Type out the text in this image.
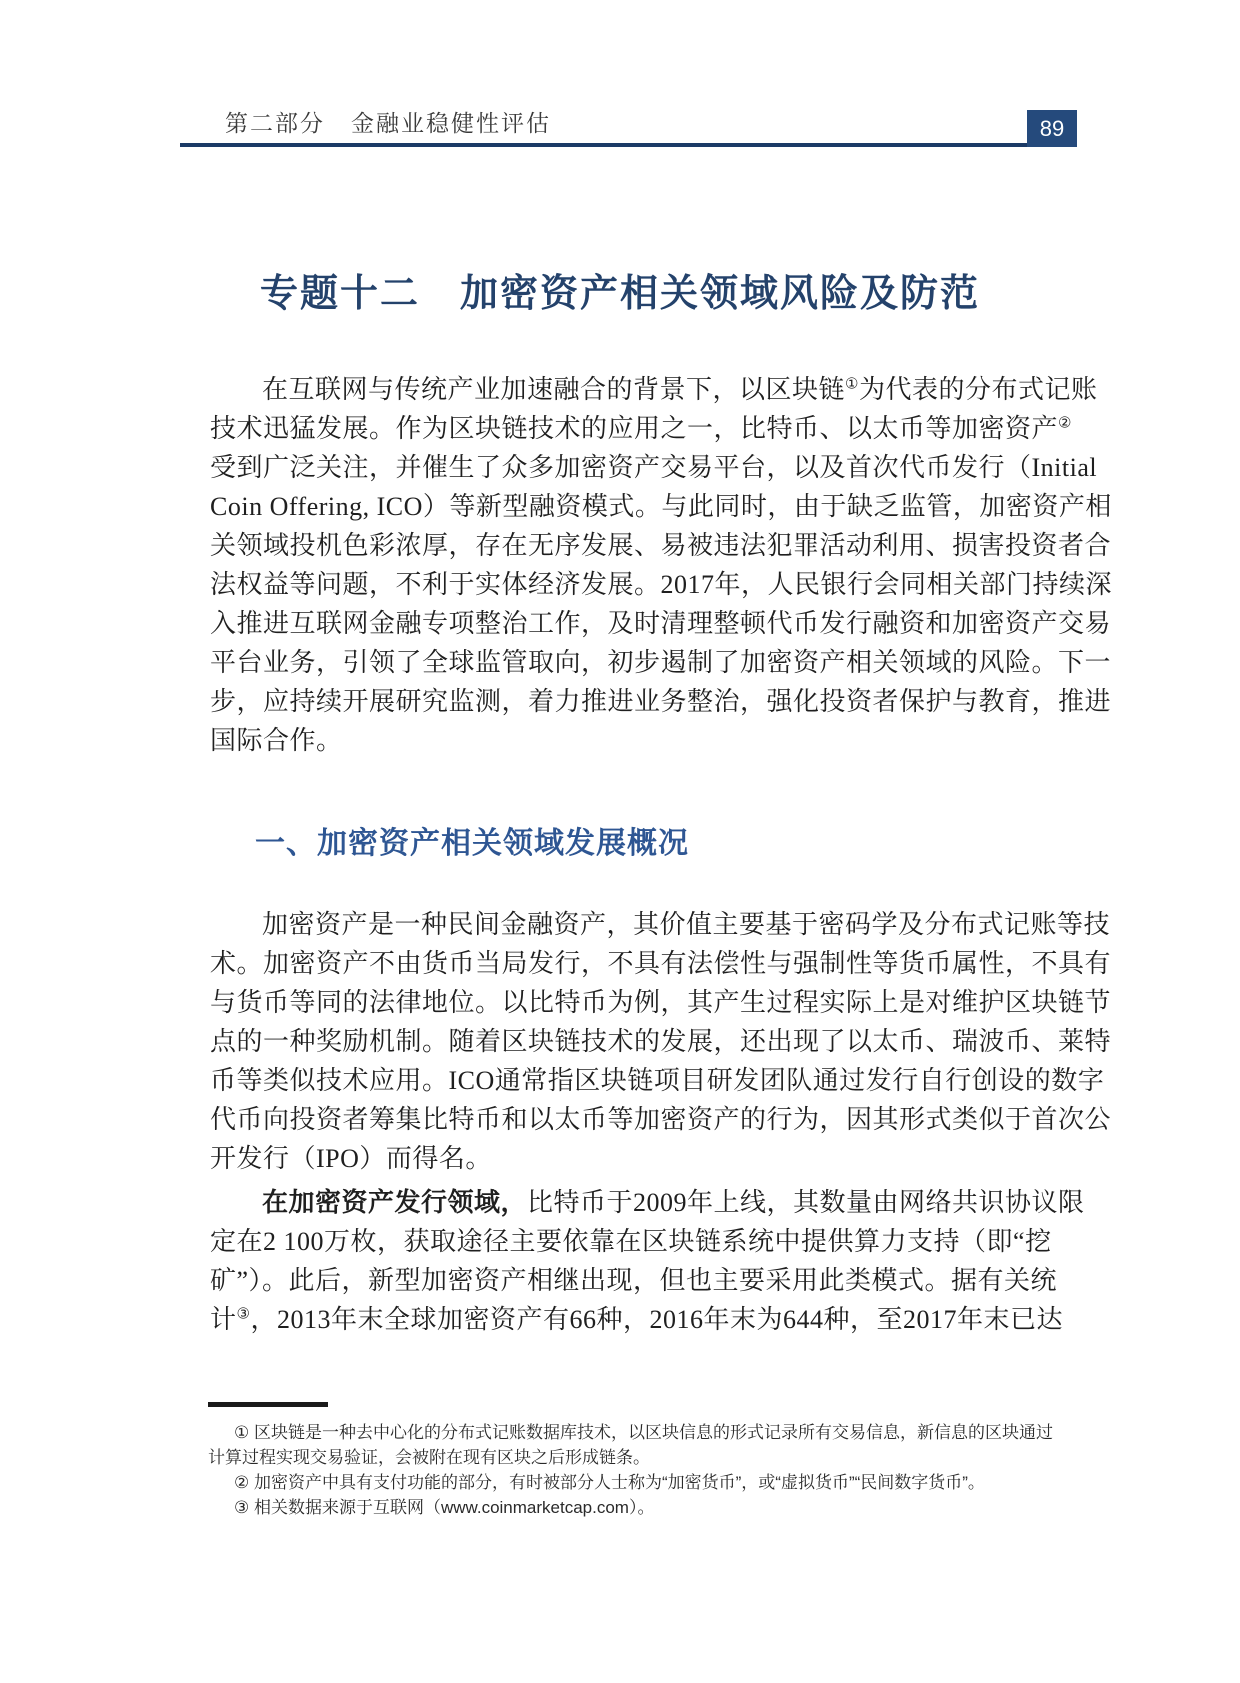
第二部分 金融业稳健性评估	89
专题十二　加密资产相关领域风险及防范
在互联网与传统产业加速融合的背景下，以区块链①为代表的分布式记账
技术迅猛发展。作为区块链技术的应用之一，比特币、以太币等加密资产②
受到广泛关注，并催生了众多加密资产交易平台，以及首次代币发行（Initial
Coin Offering, ICO）等新型融资模式。与此同时，由于缺乏监管，加密资产相
关领域投机色彩浓厚，存在无序发展、易被违法犯罪活动利用、损害投资者合
法权益等问题，不利于实体经济发展。2017年，人民银行会同相关部门持续深
入推进互联网金融专项整治工作，及时清理整顿代币发行融资和加密资产交易
平台业务，引领了全球监管取向，初步遏制了加密资产相关领域的风险。下一
步，应持续开展研究监测，着力推进业务整治，强化投资者保护与教育，推进
国际合作。
一、加密资产相关领域发展概况
加密资产是一种民间金融资产，其价值主要基于密码学及分布式记账等技
术。加密资产不由货币当局发行，不具有法偿性与强制性等货币属性，不具有
与货币等同的法律地位。以比特币为例，其产生过程实际上是对维护区块链节
点的一种奖励机制。随着区块链技术的发展，还出现了以太币、瑞波币、莱特
币等类似技术应用。ICO通常指区块链项目研发团队通过发行自行创设的数字
代币向投资者筹集比特币和以太币等加密资产的行为，因其形式类似于首次公
开发行（IPO）而得名。
在加密资产发行领域，比特币于2009年上线，其数量由网络共识协议限
定在2 100万枚，获取途径主要依靠在区块链系统中提供算力支持（即“挖
矿”）。此后，新型加密资产相继出现，但也主要采用此类模式。据有关统
计③，2013年末全球加密资产有66种，2016年末为644种，至2017年末已达
① 区块链是一种去中心化的分布式记账数据库技术，以区块信息的形式记录所有交易信息，新信息的区块通过
计算过程实现交易验证，会被附在现有区块之后形成链条。
② 加密资产中具有支付功能的部分，有时被部分人士称为“加密货币”，或“虚拟货币”“民间数字货币”。
③ 相关数据来源于互联网（www.coinmarketcap.com）。
